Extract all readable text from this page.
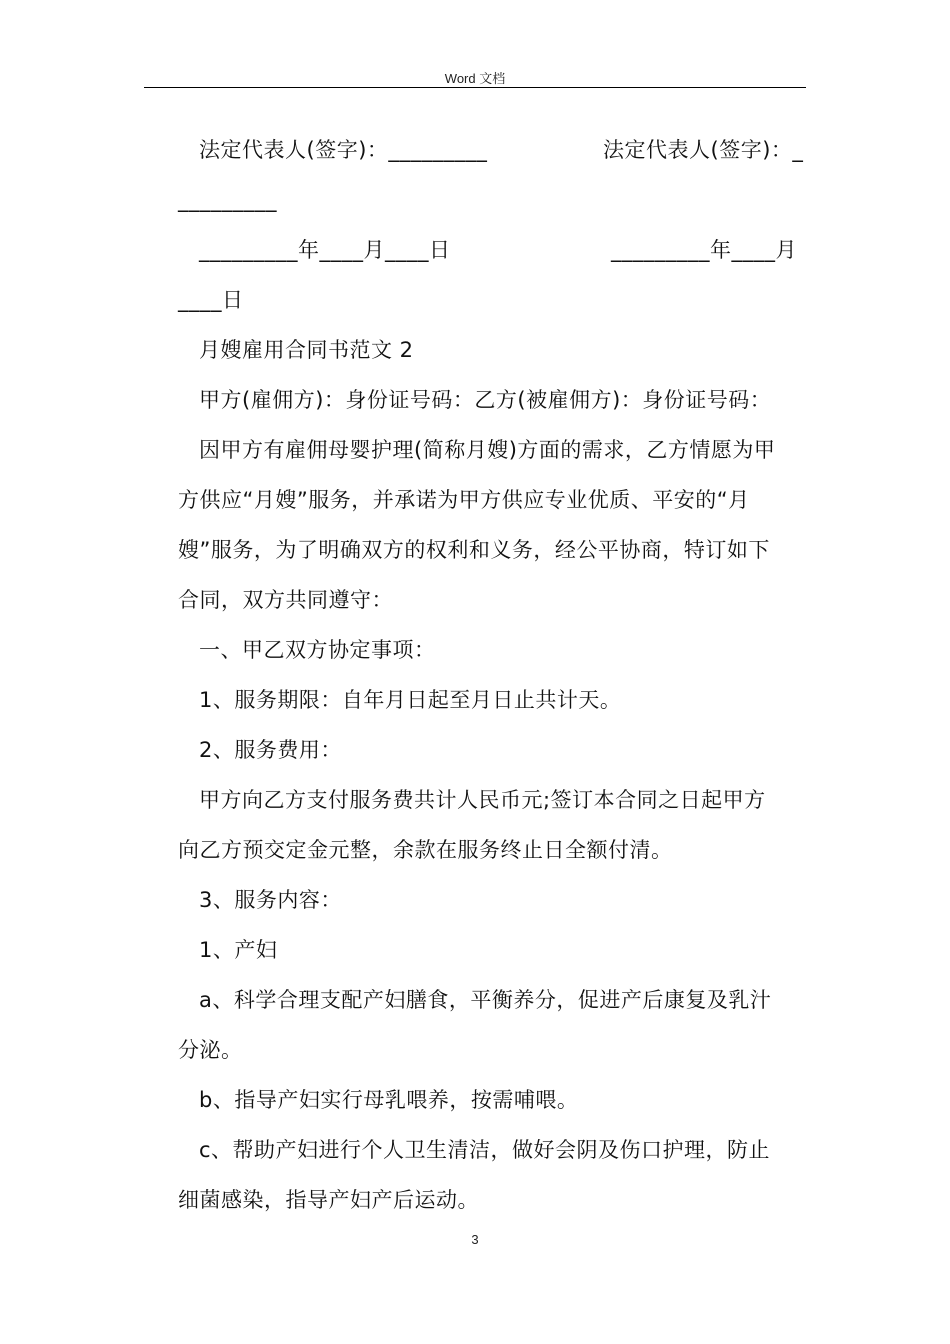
Word 文档
法定代表人(签字)：_________	法定代表人(签字)：_
_________
_________年____月____日	_________年____月
____日
月嫂雇用合同书范文 2
甲方(雇佣方)：身份证号码：乙方(被雇佣方)：身份证号码：
因甲方有雇佣母婴护理(简称月嫂)方面的需求，乙方情愿为甲
方供应“月嫂”服务，并承诺为甲方供应专业优质、平安的“月
嫂”服务，为了明确双方的权利和义务，经公平协商，特订如下
合同，双方共同遵守：
一、甲乙双方协定事项：
1、服务期限：自年月日起至月日止共计天。
2、服务费用：
甲方向乙方支付服务费共计人民币元;签订本合同之日起甲方
向乙方预交定金元整，余款在服务终止日全额付清。
3、服务内容：
1、产妇
a、科学合理支配产妇膳食，平衡养分，促进产后康复及乳汁
分泌。
b、指导产妇实行母乳喂养，按需哺喂。
c、帮助产妇进行个人卫生清洁，做好会阴及伤口护理，防止
细菌感染，指导产妇产后运动。
3
